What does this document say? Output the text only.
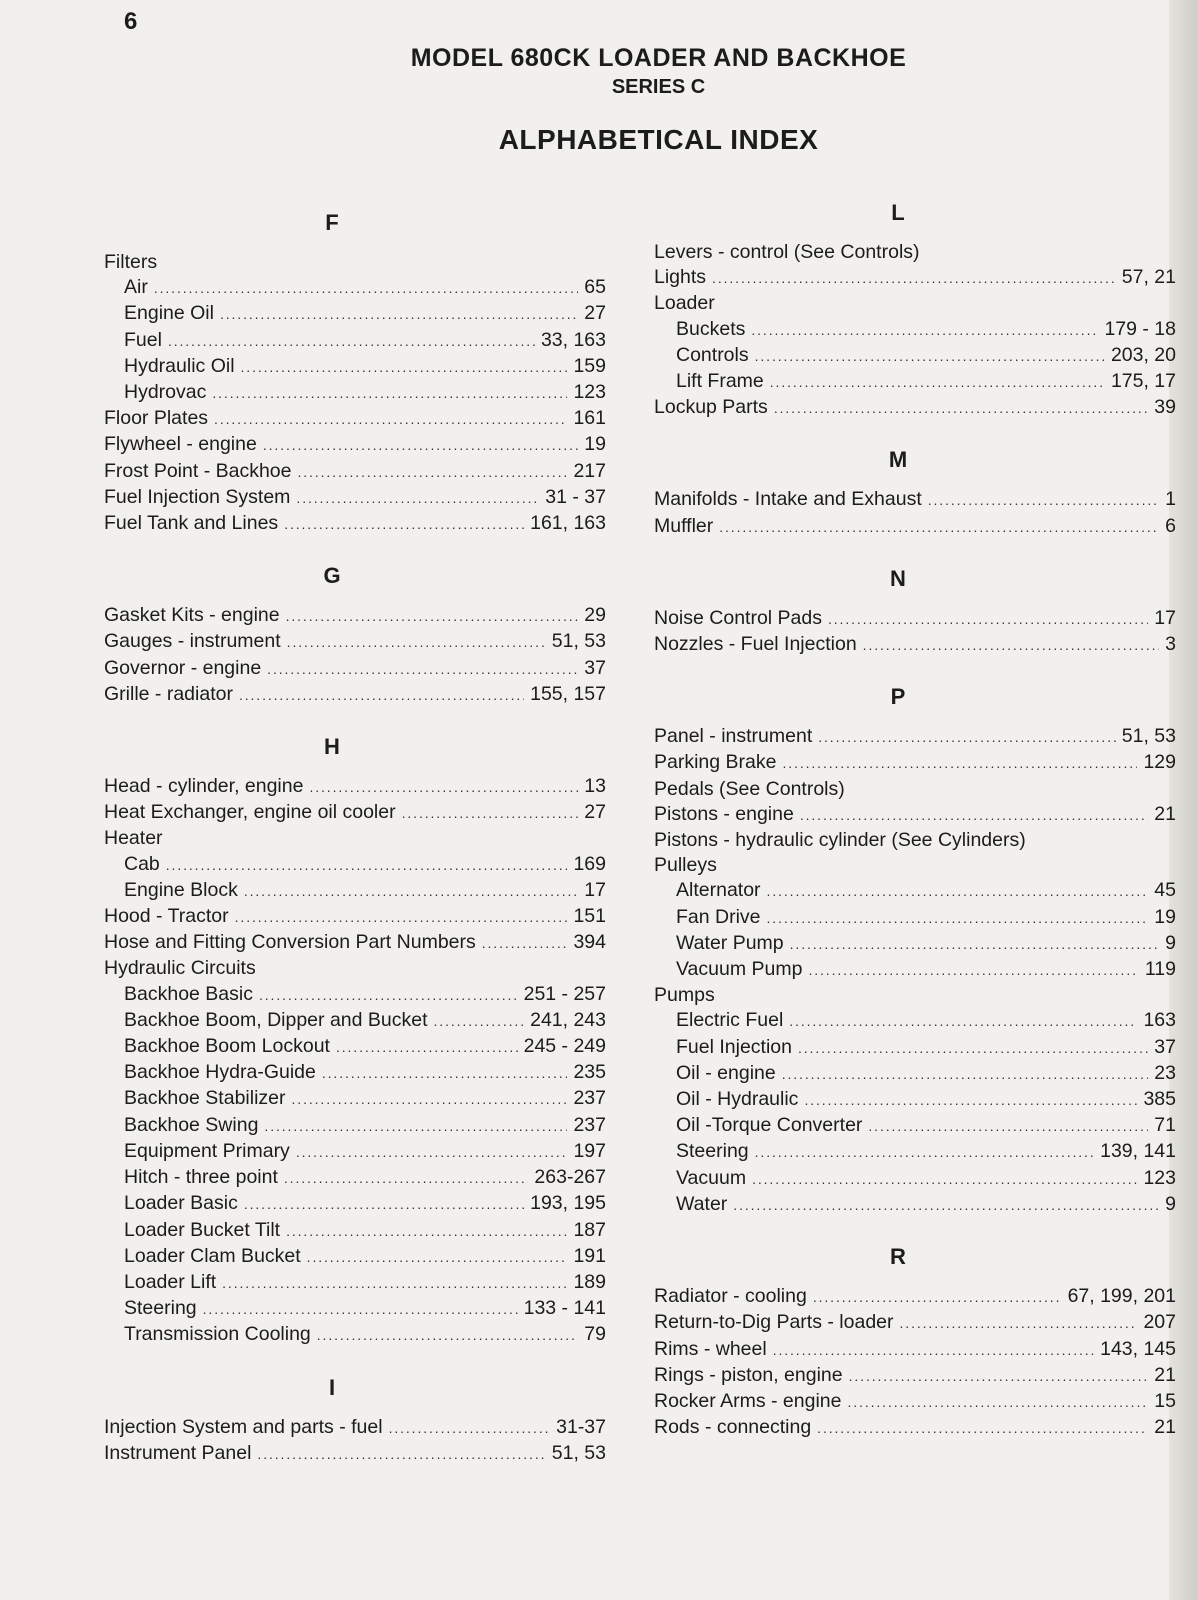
6
MODEL 680CK LOADER AND BACKHOE
SERIES C
ALPHABETICAL INDEX
F
Filters
Air . . .	65
Engine Oil . . .	27
Fuel . . .	33, 163
Hydraulic Oil . . .	159
Hydrovac . . .	123
Floor Plates . . .	161
Flywheel - engine . . .	19
Frost Point - Backhoe . . .	217
Fuel Injection System . . .	31 - 37
Fuel Tank and Lines . . .	161, 163
G
Gasket Kits - engine . . .	29
Gauges - instrument . . .	51, 53
Governor - engine . . .	37
Grille - radiator . . .	155, 157
H
Head - cylinder, engine . . .	13
Heat Exchanger, engine oil cooler . . .	27
Heater
Cab . . .	169
Engine Block . . .	17
Hood - Tractor . . .	151
Hose and Fitting Conversion Part Numbers . . .	394
Hydraulic Circuits
Backhoe Basic . . .	251 - 257
Backhoe Boom, Dipper and Bucket . . .	241, 243
Backhoe Boom Lockout . . .	245 - 249
Backhoe Hydra-Guide . . .	235
Backhoe Stabilizer . . .	237
Backhoe Swing . . .	237
Equipment Primary . . .	197
Hitch - three point . . .	263-267
Loader Basic . . .	193, 195
Loader Bucket Tilt . . .	187
Loader Clam Bucket . . .	191
Loader Lift . . .	189
Steering . . .	133 - 141
Transmission Cooling . . .	79
I
Injection System and parts - fuel . . .	31-37
Instrument Panel . . .	51, 53
L
Levers - control (See Controls)
Lights . . .	57, 21
Loader
Buckets . . .	179 - 18
Controls . . .	203, 20
Lift Frame . . .	175, 17
Lockup Parts . . .	39
M
Manifolds - Intake and Exhaust . . .	1
Muffler . . .	6
N
Noise Control Pads . . .	17
Nozzles - Fuel Injection . . .	3
P
Panel - instrument . . .	51, 53
Parking Brake . . .	129
Pedals (See Controls)
Pistons - engine . . .	21
Pistons - hydraulic cylinder (See Cylinders)
Pulleys
Alternator . . .	45
Fan Drive . . .	19
Water Pump . . .	9
Vacuum Pump . . .	119
Pumps
Electric Fuel . . .	163
Fuel Injection . . .	37
Oil - engine . . .	23
Oil - Hydraulic . . .	385
Oil -Torque Converter . . .	71
Steering . . .	139, 141
Vacuum . . .	123
Water . . .	9
R
Radiator - cooling . . .	67, 199, 201
Return-to-Dig Parts - loader . . .	207
Rims - wheel . . .	143, 145
Rings - piston, engine . . .	21
Rocker Arms - engine . . .	15
Rods - connecting . . .	21
